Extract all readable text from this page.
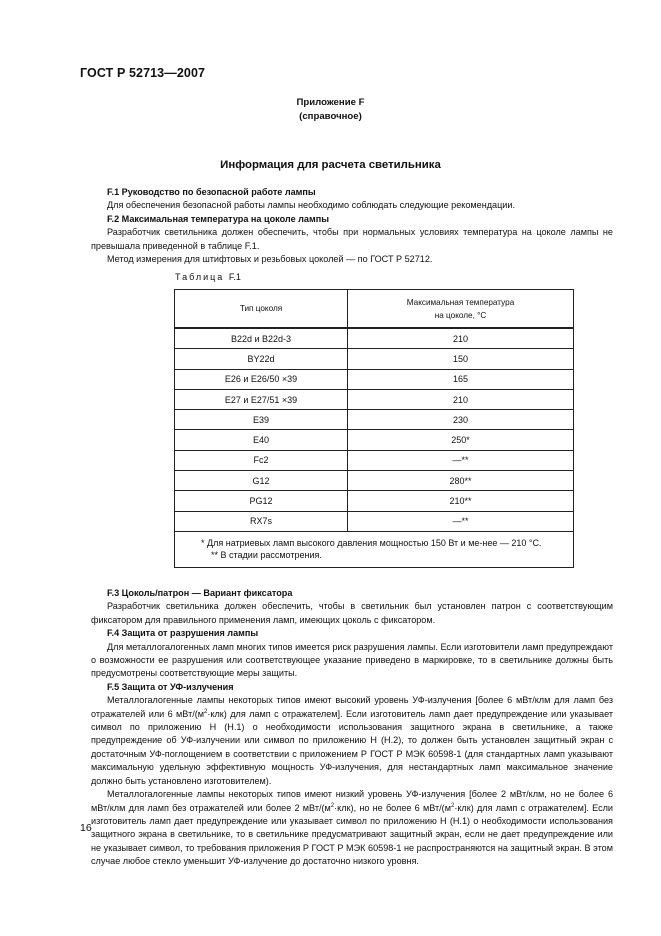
ГОСТ Р 52713—2007
Приложение F
(справочное)
Информация для расчета светильника

F.1 Руководство по безопасной работе лампы

Для обеспечения безопасной работы лампы необходимо соблюдать следующие рекомендации.

F.2 Максимальная температура на цоколе лампы

Разработчик светильника должен обеспечить, чтобы при нормальных условиях температура на цоколе лампы не превышала приведенной в таблице F.1.

Метод измерения для штифтовых и резьбовых цоколей — по ГОСТ Р 52712.

Таблица F.1
Тип цоколя	Максимальная температура
на цоколе, °С
B22d и B22d-3	210
BY22d	150
E26 и E26/50 ×39	165
E27 и E27/51 ×39	210
E39	230
E40	250*
Fc2	—**
G12	280**
PG12	210**
RX7s	—**

* Для натриевых ламп высокого давления мощностью 150 Вт и ме-нее — 210 °С.
** В стадии рассмотрения.	

F.3 Цоколь/патрон — Вариант фиксатора

Разработчик светильника должен обеспечить, чтобы в светильник был установлен патрон с соответствующим фиксатором для правильного применения ламп, имеющих цоколь с фиксатором.

F.4 Защита от разрушения лампы

Для металлогалогенных ламп многих типов имеется риск разрушения лампы. Если изготовители ламп предупреждают о возможности ее разрушения или соответствующее указание приведено в маркировке, то в светильнике должны быть предусмотрены соответствующие меры защиты.

F.5 Защита от УФ-излучения

Металлогалогенные лампы некоторых типов имеют высокий уровень УФ-излучения [более 6 мВт/клм для ламп без отражателей или 6 мВт/$(м^2\cdot клк)$ для ламп с отражателем]. Если изготовитель ламп дает предупреждение или указывает символ по приложению Н (Н.1) о необходимости использования защитного экрана в светильнике, а также предупреждение об УФ-излучении или символ по приложению Н (Н.2), то должен быть установлен защитный экран с достаточным УФ-поглощением в соответствии с приложением Р ГОСТ Р МЭК 60598-1 (для стандартных ламп указывают максимальную удельную эффективную мощность УФ-излучения, для нестандартных ламп максимальное значение должно быть установлено изготовителем).

Металлогалогенные лампы некоторых типов имеют низкий уровень УФ-излучения [более 2 мВт/клм, но не более 6 мВт/клм для ламп без отражателей или более 2 мВт/$(м^2\cdot клк)$, но не более 6 мВт/$(м^2\cdot клк)$ для ламп с отражателем]. Если изготовитель ламп дает предупреждение или указывает символ по приложению Н (Н.1) о необходимости использования защитного экрана в светильнике, то в светильнике предусматривают защитный экран, если не дает предупреждение или не указывает символ, то требования приложения Р ГОСТ Р МЭК 60598-1 не распространяются на защитный экран. В этом случае любое стекло уменьшит УФ-излучение до достаточно низкого уровня.

16
